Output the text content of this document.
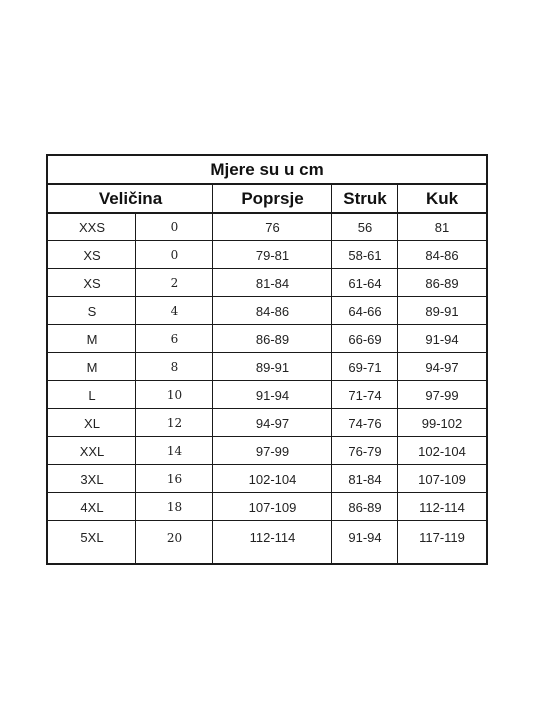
Mjere su u cm
Veličina	Poprsje	Struk	Kuk
XXS	0	76	56	81
XS	0	79-81	58-61	84-86
XS	2	81-84	61-64	86-89
S	4	84-86	64-66	89-91
M	6	86-89	66-69	91-94
M	8	89-91	69-71	94-97
L	10	91-94	71-74	97-99
XL	12	94-97	74-76	99-102
XXL	14	97-99	76-79	102-104
3XL	16	102-104	81-84	107-109
4XL	18	107-109	86-89	112-114
5XL	20	112-114	91-94	117-119
